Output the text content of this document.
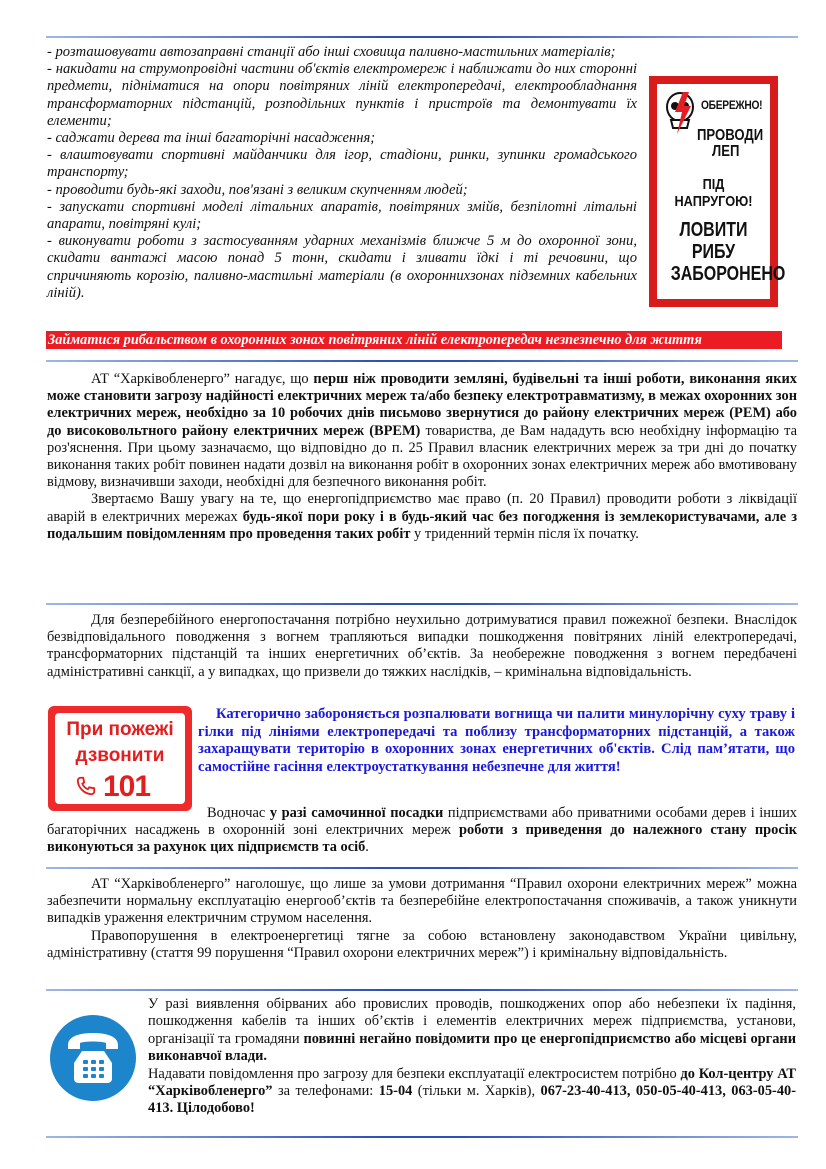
- розташовувати автозаправні станції або інші сховища паливно-мастильних матеріалів;

- накидати на струмопровідні частини об'єктів електромереж і наближати до них сторонні предмети, підніматися на опори повітряних ліній електропередачі, електрообладнання трансформаторних підстанцій, розподільних пунктів і пристроїв та демонтувати їх елементи;

- саджати дерева та інші багаторічні насадження;

- влаштовувати спортивні майданчики для ігор, стадіони, ринки, зупинки громадського транспорту;

- проводити будь-які заходи, пов'язані з великим скупченням людей;

- запускати спортивні моделі літальних апаратів, повітряних змійв, безпілотні літальні апарати, повітряні кулі;

- виконувати роботи з застосуванням ударних механізмів ближче 5 м до охоронної зони, скидати вантажі масою понад 5 тонн, скидати і зливати їдкі і ті речовини, що спричиняють корозію, паливно-мастильні матеріали (в охороннихзонах підземних кабельних ліній).

ОБЕРЕЖНО!
ПРОВОДИ ЛЕП
ПІД НАПРУГОЮ!
ЛОВИТИ РИБУ ЗАБОРОНЕНО
Займатися рибальством в охоронних зонах повітряних ліній електропередач незпезпечно для життя

АТ “Харківобленерго” нагадує, що перш ніж проводити земляні, будівельні та інші роботи, виконання яких може становити загрозу надійності електричних мереж та/або безпеку електротравматизму, в межах охоронних зон електричних мереж, необхідно за 10 робочих днів письмово звернутися до району електричних мереж (РЕМ) або до високовольтного району електричних мереж (ВРЕМ) товариства, де Вам нададуть всю необхідну інформацію та роз'яснення. При цьому зазначаємо, що відповідно до п. 25 Правил власник електричних мереж за три дні до початку виконання таких робіт повинен надати дозвіл на виконання робіт в охоронних зонах електричних мереж або вмотивовану відмову, визначивши заходи, необхідні для безпечного виконання робіт.

Звертаємо Вашу увагу на те, що енергопідприємство має право (п. 20 Правил) проводити роботи з ліквідації аварій в електричних мережах будь-якої пори року і в будь-який час без погодження із землекористувачами, але з подальшим повідомленням про проведення таких робіт у триденний термін після їх початку.

Для безперебійного енергопостачання потрібно неухильно дотримуватися правил пожежної безпеки. Внаслідок безвідповідального поводження з вогнем трапляються випадки пошкодження повітряних ліній електропередачі, трансформаторних підстанцій та інших енергетичних об’єктів. За необережне поводження з вогнем передбачені адміністративні санкції, а у випадках, що призвели до тяжких наслідків, – кримінальна відповідальність.

При пожежі
дзвонити
101

Категорично забороняється розпалювати вогнища чи палити минулорічну суху траву і гілки під лініями електропередачі та поблизу трансформаторних підстанцій, а також захаращувати територію в охоронних зонах енергетичних об'єктів. Слід пам’ятати, що самостійне гасіння електроустаткування небезпечне для життя!

Водночас у разі самочинної посадки підприємствами або приватними особами дерев і інших багаторічних насаджень в охоронній зоні електричних мереж роботи з приведення до належного стану просік виконуються за рахунок цих підприємств та осіб.

АТ “Харківобленерго” наголошує, що лише за умови дотримання “Правил охорони електричних мереж” можна забезпечити нормальну експлуатацію енергооб’єктів та безперебійне електропостачання споживачів, а також уникнути випадків ураження електричним струмом населення.

Правопорушення в електроенергетиці тягне за собою встановлену законодавством України цивільну, адміністративну (стаття 99 порушення “Правил охорони електричних мереж”) і кримінальну відповідальність.

У разі виявлення обірваних або провислих проводів, пошкоджених опор або небезпеки їх падіння, пошкодження кабелів та інших об’єктів і елементів електричних мереж підприємства, установи, організації та громадяни повинні негайно повідомити про це енергопідприємство або місцеві органи виконавчої влади.

Надавати повідомлення про загрозу для безпеки експлуатації електросистем потрібно до Кол-центру АТ “Харківобленерго” за телефонами: 15-04 (тільки м. Харків), 067-23-40-413, 050-05-40-413, 063-05-40-413. Цілодобово!
